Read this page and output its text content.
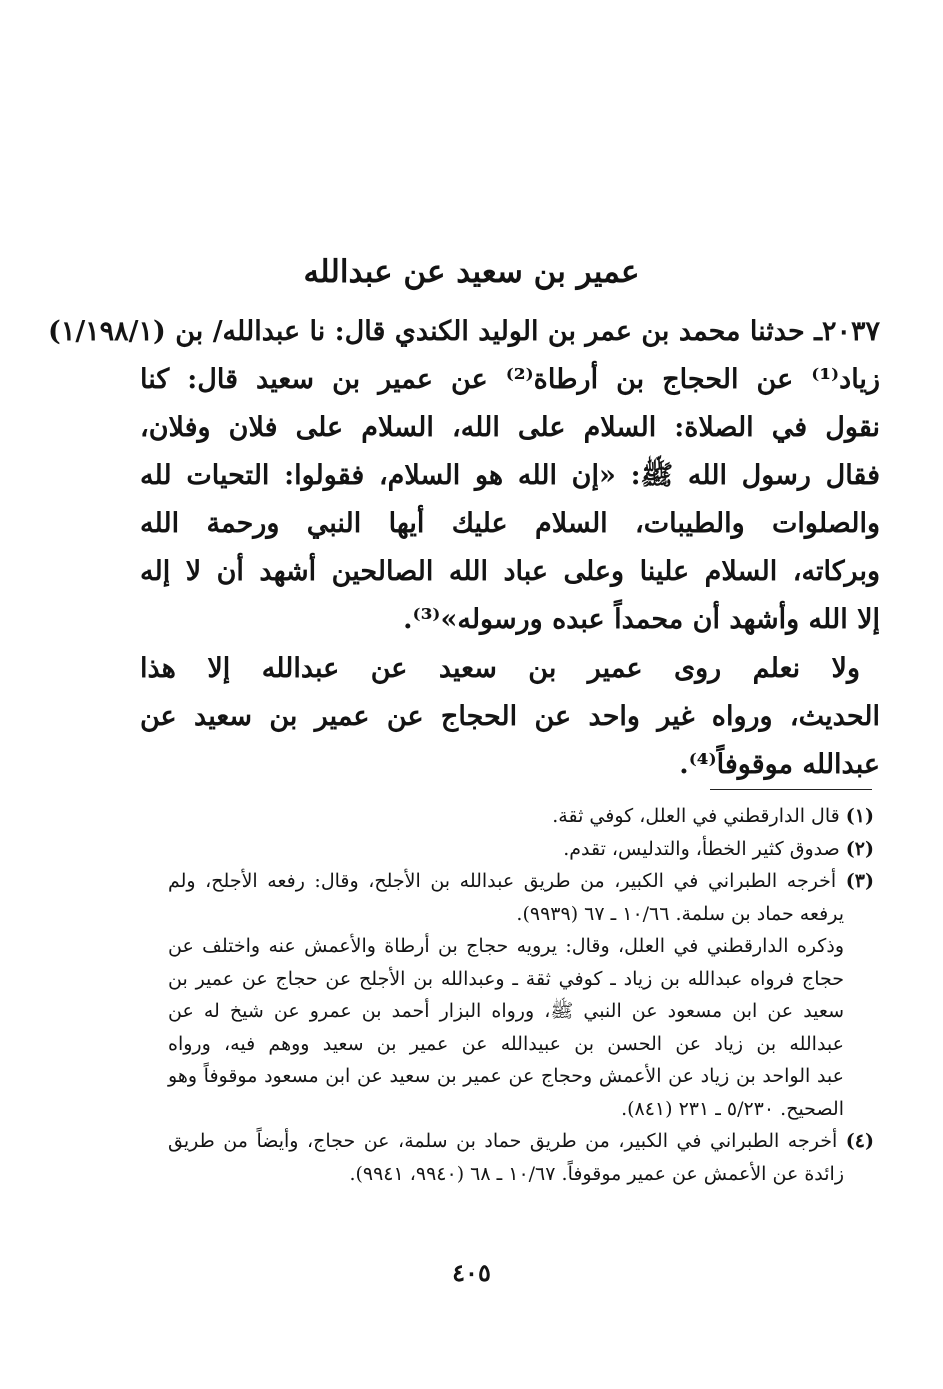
عمير بن سعيد عن عبدالله
٢٠٣٧ـ حدثنا محمد بن عمر بن الوليد الكندي قال: نا عبدالله/ بن (١/١٩٨/١)
زياد⁽¹⁾ عن الحجاج بن أرطاة⁽²⁾ عن عمير بن سعيد قال: كنا
نقول في الصلاة: السلام على الله، السلام على فلان وفلان،
فقال رسول الله ﷺ: «إن الله هو السلام، فقولوا: التحيات لله
والصلوات والطيبات، السلام عليك أيها النبي ورحمة الله
وبركاته، السلام علينا وعلى عباد الله الصالحين أشهد أن لا إله
إلا الله وأشهد أن محمداً عبده ورسوله»⁽³⁾.
ولا نعلم روى عمير بن سعيد عن عبدالله إلا هذا
الحديث، ورواه غير واحد عن الحجاج عن عمير بن سعيد عن
عبدالله موقوفاً⁽⁴⁾.
(١) قال الدارقطني في العلل، كوفي ثقة.
(٢) صدوق كثير الخطأ، والتدليس، تقدم.
(٣) أخرجه الطبراني في الكبير، من طريق عبدالله بن الأجلح، وقال: رفعه الأجلح، ولم
يرفعه حماد بن سلمة. ١٠/٦٦ ـ ٦٧ (٩٩٣٩).
وذكره الدارقطني في العلل، وقال: يرويه حجاج بن أرطاة والأعمش عنه واختلف عن
حجاج فرواه عبدالله بن زياد ـ كوفي ثقة ـ وعبدالله بن الأجلح عن حجاج عن عمير بن
سعيد عن ابن مسعود عن النبي ﷺ، ورواه البزار أحمد بن عمرو عن شيخ له عن
عبدالله بن زياد عن الحسن بن عبيدالله عن عمير بن سعيد ووهم فيه، ورواه
عبد الواحد بن زياد عن الأعمش وحجاج عن عمير بن سعيد عن ابن مسعود موقوفاً وهو
الصحيح. ٥/٢٣٠ ـ ٢٣١ (٨٤١).
(٤) أخرجه الطبراني في الكبير، من طريق حماد بن سلمة، عن حجاج، وأيضاً من طريق
زائدة عن الأعمش عن عمير موقوفاً. ١٠/٦٧ ـ ٦٨ (٩٩٤٠، ٩٩٤١).
٤٠٥
